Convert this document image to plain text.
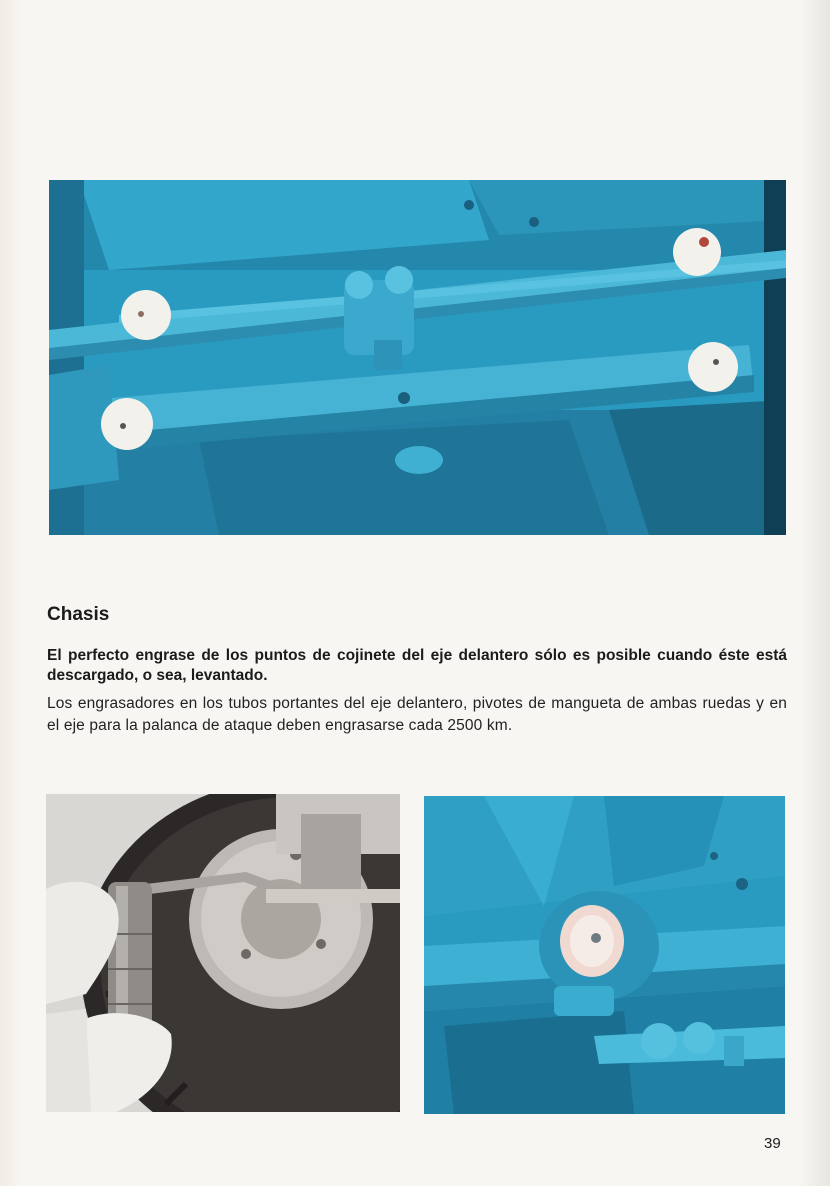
Chasis

El perfecto engrase de los puntos de cojinete del eje delantero sólo es posible cuando éste está descargado, o sea, levantado.

Los engrasadores en los tubos portantes del eje delantero, pivotes de mangueta de ambas ruedas y en el eje para la palanca de ataque deben engrasarse cada 2500 km.

39
